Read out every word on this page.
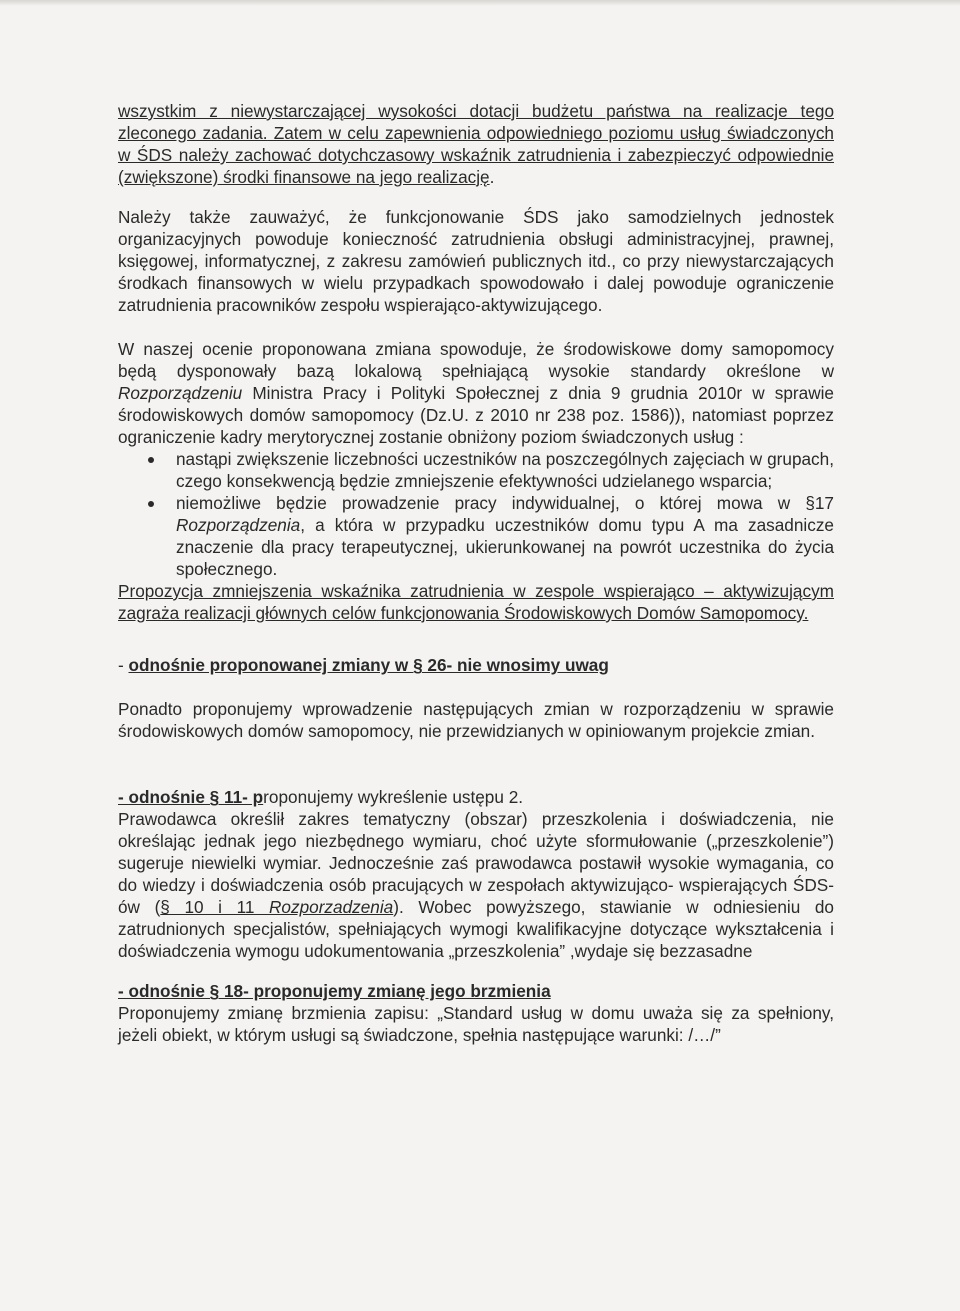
wszystkim z niewystarczającej wysokości dotacji budżetu państwa na realizacje tego zleconego zadania. Zatem w celu zapewnienia odpowiedniego poziomu usług świadczonych w ŚDS należy zachować dotychczasowy wskaźnik zatrudnienia i zabezpieczyć odpowiednie (zwiększone) środki finansowe na jego realizację.

Należy także zauważyć, że funkcjonowanie ŚDS jako samodzielnych jednostek organizacyjnych powoduje konieczność zatrudnienia obsługi administracyjnej, prawnej, księgowej, informatycznej, z zakresu zamówień publicznych itd., co przy niewystarczających środkach finansowych w wielu przypadkach spowodowało i dalej powoduje ograniczenie zatrudnienia pracowników zespołu wspierająco-aktywizującego.

W naszej ocenie proponowana zmiana spowoduje, że środowiskowe domy samopomocy będą dysponowały bazą lokalową spełniającą wysokie standardy określone w Rozporządzeniu Ministra Pracy i Polityki Społecznej z dnia 9 grudnia 2010r w sprawie środowiskowych domów samopomocy (Dz.U. z 2010 nr 238 poz. 1586)), natomiast poprzez ograniczenie kadry merytorycznej zostanie obniżony poziom świadczonych usług :

nastąpi zwiększenie liczebności uczestników na poszczególnych zajęciach w grupach, czego konsekwencją będzie zmniejszenie efektywności udzielanego wsparcia;
niemożliwe będzie prowadzenie pracy indywidualnej, o której mowa w §17 Rozporządzenia, a która w przypadku uczestników domu typu A ma zasadnicze znaczenie dla pracy terapeutycznej, ukierunkowanej na powrót uczestnika do życia społecznego.

Propozycja zmniejszenia wskaźnika zatrudnienia w zespole wspierająco – aktywizującym zagraża realizacji głównych celów funkcjonowania Środowiskowych Domów Samopomocy.

- odnośnie proponowanej zmiany w § 26- nie wnosimy uwag

Ponadto proponujemy wprowadzenie następujących zmian w rozporządzeniu w sprawie środowiskowych domów samopomocy, nie przewidzianych w opiniowanym projekcie zmian.

- odnośnie § 11- proponujemy wykreślenie ustępu 2.

Prawodawca określił zakres tematyczny (obszar) przeszkolenia i doświadczenia, nie określając jednak jego niezbędnego wymiaru, choć użyte sformułowanie („przeszkolenie”) sugeruje niewielki wymiar. Jednocześnie zaś prawodawca postawił wysokie wymagania, co do wiedzy i doświadczenia osób pracujących w zespołach aktywizująco- wspierających ŚDS-ów (§ 10 i 11 Rozporzadzenia). Wobec powyższego, stawianie w odniesieniu do zatrudnionych specjalistów, spełniających wymogi kwalifikacyjne dotyczące wykształcenia i doświadczenia wymogu udokumentowania „przeszkolenia” ,wydaje się bezzasadne

- odnośnie § 18- proponujemy zmianę jego brzmienia

Proponujemy zmianę brzmienia zapisu: „Standard usług w domu uważa się za spełniony, jeżeli obiekt, w którym usługi są świadczone, spełnia następujące warunki: /…/”
